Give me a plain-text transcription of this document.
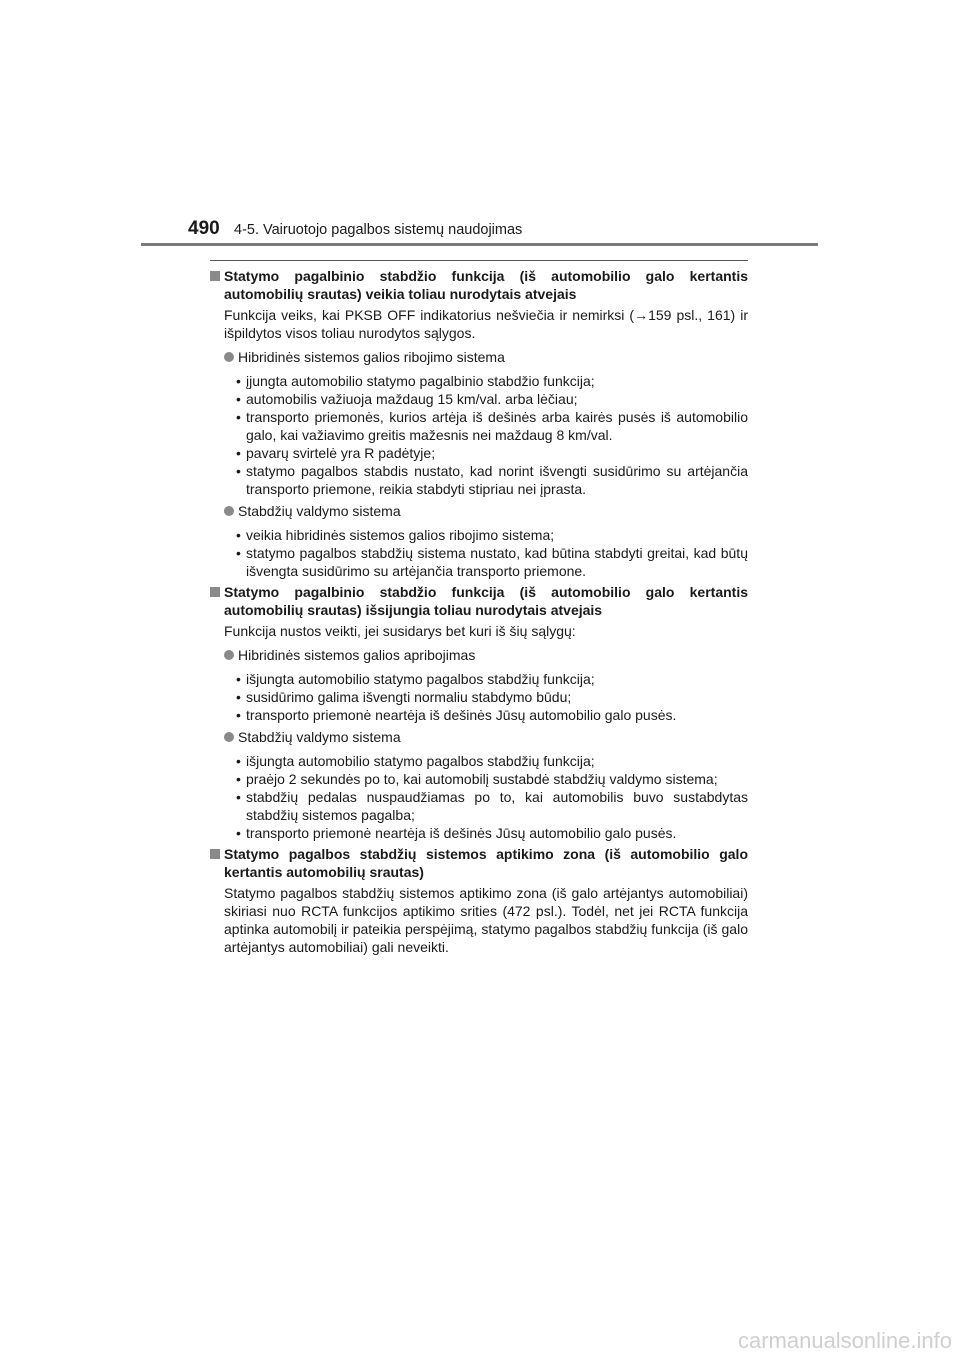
490 4-5. Vairuotojo pagalbos sistemų naudojimas
Statymo pagalbinio stabdžio funkcija (iš automobilio galo kertantis automobilių srautas) veikia toliau nurodytais atvejais
Funkcija veiks, kai PKSB OFF indikatorius nešviečia ir nemirksi (→159 psl., 161) ir išpildytos visos toliau nurodytos sąlygos.
Hibridinės sistemos galios ribojimo sistema
• įjungta automobilio statymo pagalbinio stabdžio funkcija;
• automobilis važiuoja maždaug 15 km/val. arba lėčiau;
• transporto priemonės, kurios artėja iš dešinės arba kairės pusės iš automobilio galo, kai važiavimo greitis mažesnis nei maždaug 8 km/val.
• pavarų svirtelė yra R padėtyje;
• statymo pagalbos stabdis nustato, kad norint išvengti susidūrimo su artėjančia transporto priemone, reikia stabdyti stipriau nei įprasta.
Stabdžių valdymo sistema
• veikia hibridinės sistemos galios ribojimo sistema;
• statymo pagalbos stabdžių sistema nustato, kad būtina stabdyti greitai, kad būtų išvengta susidūrimo su artėjančia transporto priemone.
Statymo pagalbinio stabdžio funkcija (iš automobilio galo kertantis automobilių srautas) išsijungia toliau nurodytais atvejais
Funkcija nustos veikti, jei susidarys bet kuri iš šių sąlygų:
Hibridinės sistemos galios apribojimas
• išjungta automobilio statymo pagalbos stabdžių funkcija;
• susidūrimo galima išvengti normaliu stabdymo būdu;
• transporto priemonė neartėja iš dešinės Jūsų automobilio galo pusės.
Stabdžių valdymo sistema
• išjungta automobilio statymo pagalbos stabdžių funkcija;
• praėjo 2 sekundės po to, kai automobilį sustabdė stabdžių valdymo sistema;
• stabdžių pedalas nuspaudžiamas po to, kai automobilis buvo sustabdytas stabdžių sistemos pagalba;
• transporto priemonė neartėja iš dešinės Jūsų automobilio galo pusės.
Statymo pagalbos stabdžių sistemos aptikimo zona (iš automobilio galo kertantis automobilių srautas)
Statymo pagalbos stabdžių sistemos aptikimo zona (iš galo artėjantys automobiliai) skiriasi nuo RCTA funkcijos aptikimo srities (472 psl.). Todėl, net jei RCTA funkcija aptinka automobilį ir pateikia perspėjimą, statymo pagalbos stabdžių funkcija (iš galo artėjantys automobiliai) gali neveikti.
carmanualsonline.info
